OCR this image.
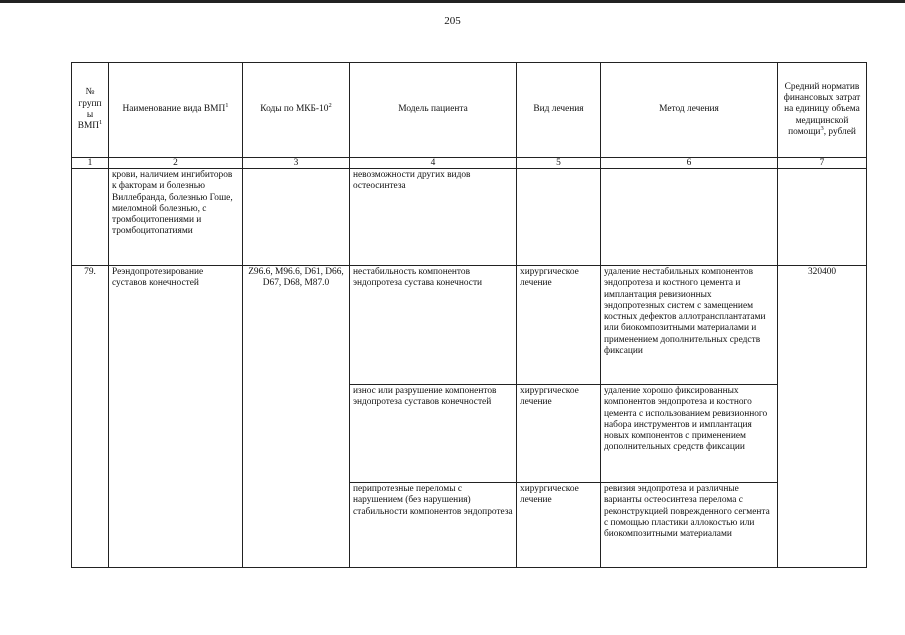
205
№ групп ы ВМП$^1$	Наименование вида ВМП$^1$	Коды по МКБ-$10^2$	Модель пациента	Вид лечения	Метод лечения	Средний норматив финансовых затрат на единицу объема медицинской помощи$^3$, рублей
1	2	3	4	5	6	7
	крови, наличием ингибиторов к факторам и болезнью Виллебранда, болезнью Гоше, миеломной болезнью, с тромбоцитопениями и тромбоцитопатиями		невозможности других видов остеосинтеза			
79.	Реэндопротезирование суставов конечностей	Z96.6, M96.6, D61, D66, D67, D68, M87.0	нестабильность компонентов эндопротеза сустава конечности	хирургическое лечение	удаление нестабильных компонентов эндопротеза и костного цемента и имплантация ревизионных эндопротезных систем с замещением костных дефектов аллотрансплантатами или биокомпозитными материалами и применением дополнительных средств фиксации	320400
			износ или разрушение компонентов эндопротеза суставов конечностей	хирургическое лечение	удаление хорошо фиксированных компонентов эндопротеза и костного цемента с использованием ревизионного набора инструментов и имплантация новых компонентов с применением дополнительных средств фиксации	
			перипротезные переломы с нарушением (без нарушения) стабильности компонентов эндопротеза	хирургическое лечение	ревизия эндопротеза и различные варианты остеосинтеза перелома с реконструкцией поврежденного сегмента с помощью пластики аллокостью или биокомпозитными материалами	
